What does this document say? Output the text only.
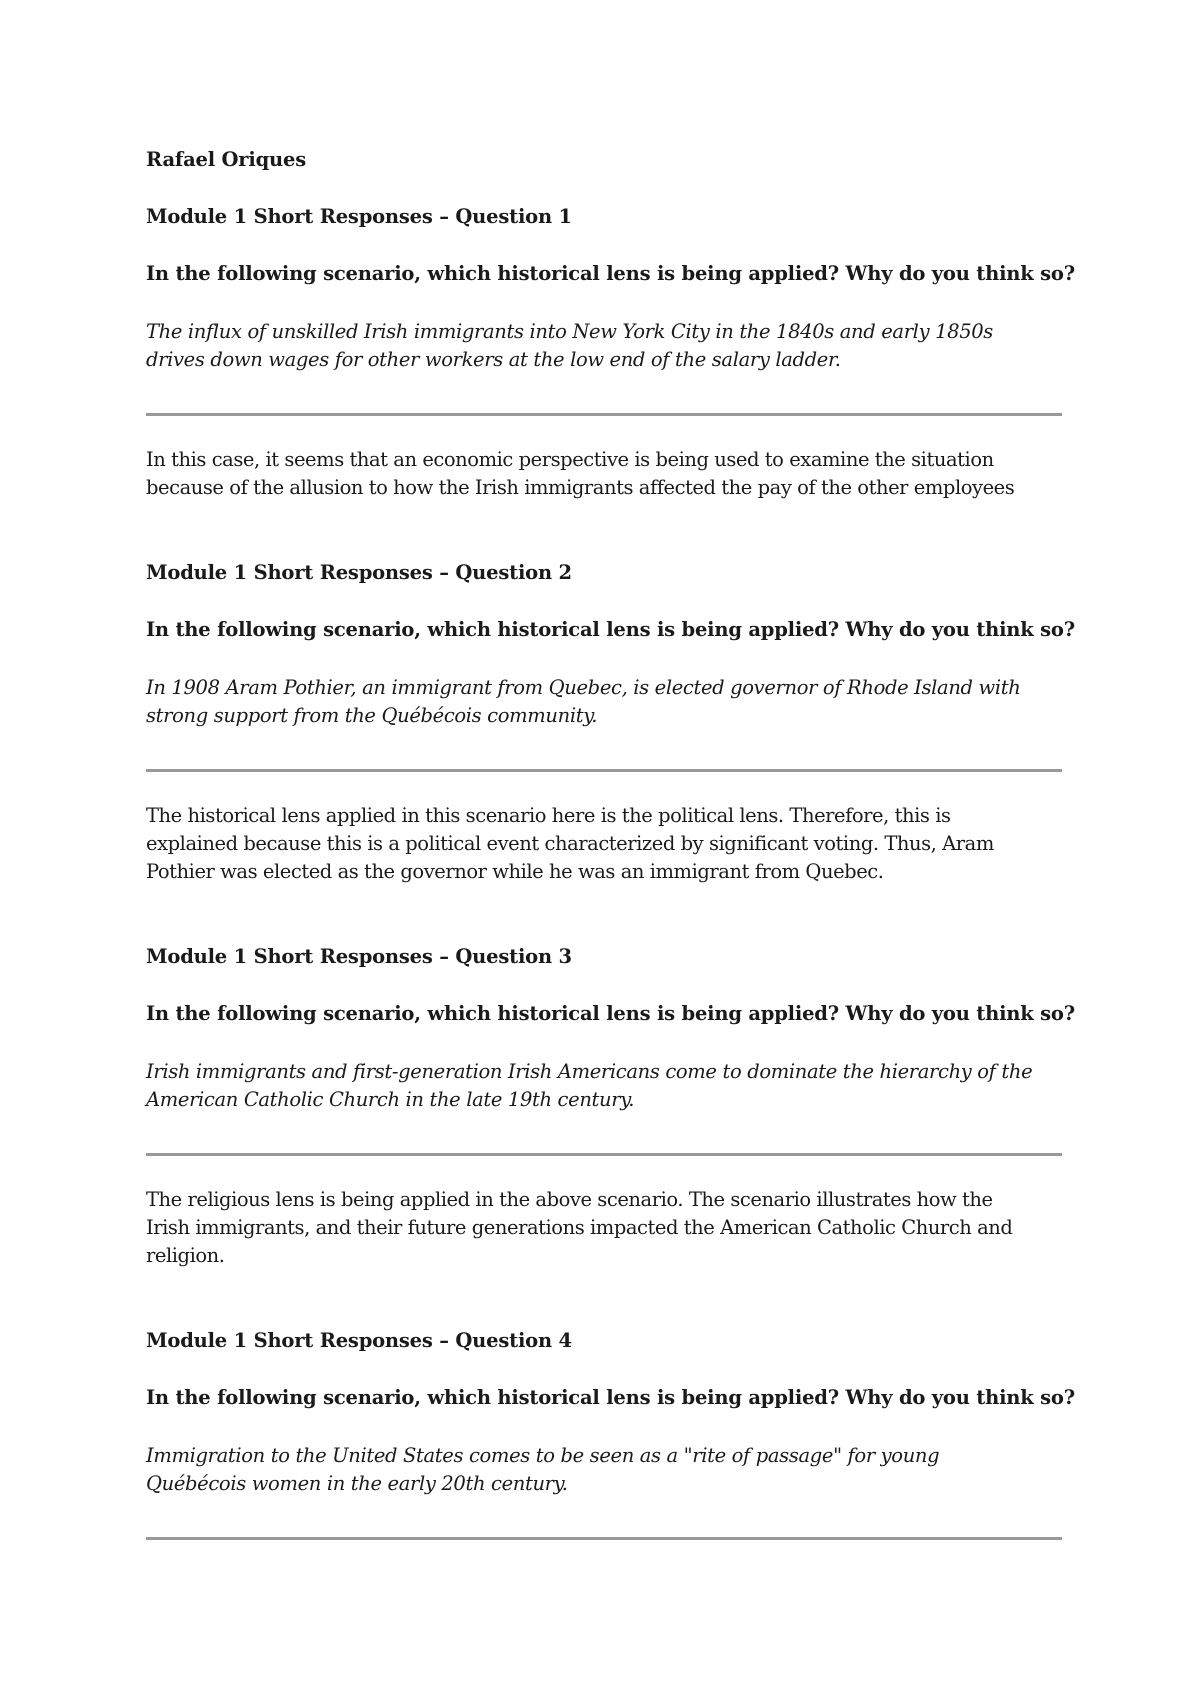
Rafael Oriques
Module 1 Short Responses – Question 1
In the following scenario, which historical lens is being applied? Why do you think so?
The influx of unskilled Irish immigrants into New York City in the 1840s and early 1850s
drives down wages for other workers at the low end of the salary ladder.
In this case, it seems that an economic perspective is being used to examine the situation
because of the allusion to how the Irish immigrants affected the pay of the other employees
Module 1 Short Responses – Question 2
In the following scenario, which historical lens is being applied? Why do you think so?
In 1908 Aram Pothier, an immigrant from Quebec, is elected governor of Rhode Island with
strong support from the Québécois community.
The historical lens applied in this scenario here is the political lens. Therefore, this is
explained because this is a political event characterized by significant voting. Thus, Aram
Pothier was elected as the governor while he was an immigrant from Quebec.
Module 1 Short Responses – Question 3
In the following scenario, which historical lens is being applied? Why do you think so?
Irish immigrants and first-generation Irish Americans come to dominate the hierarchy of the
American Catholic Church in the late 19th century.
The religious lens is being applied in the above scenario. The scenario illustrates how the
Irish immigrants, and their future generations impacted the American Catholic Church and
religion.
Module 1 Short Responses – Question 4
In the following scenario, which historical lens is being applied? Why do you think so?
Immigration to the United States comes to be seen as a "rite of passage" for young
Québécois women in the early 20th century.
